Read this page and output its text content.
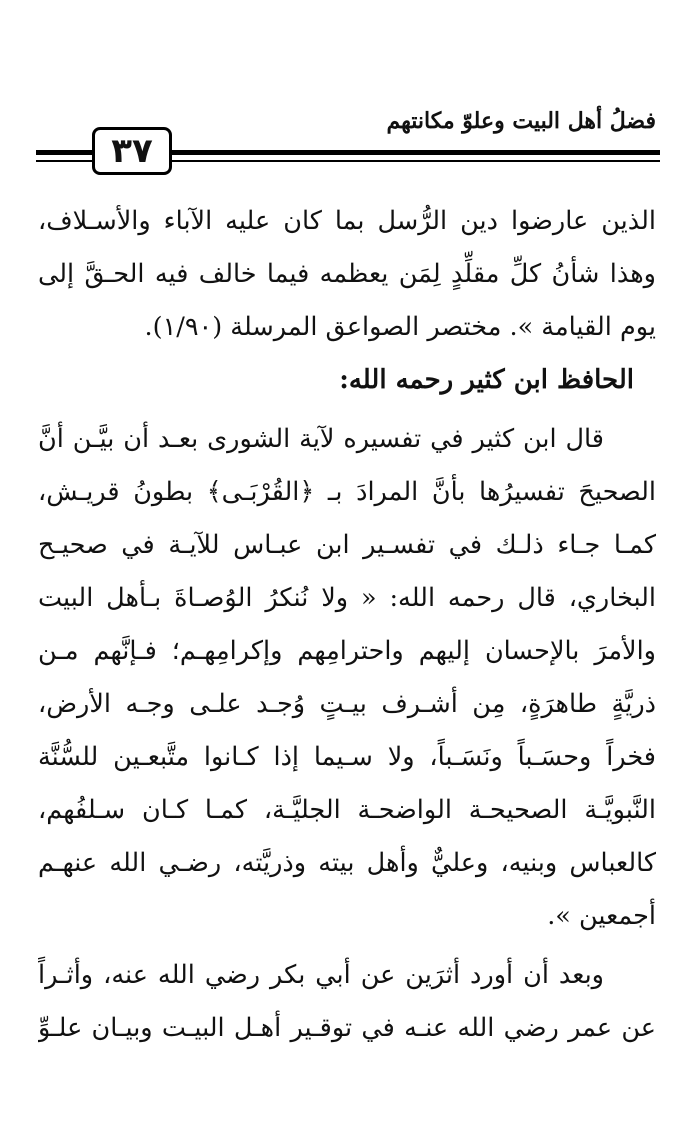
فضلُ أهل البيت وعلوّ مكانتهم
٣٧
الذين عارضوا دين الرُّسل بما كان عليه الآباء والأسـلاف،
وهذا شأنُ كلِّ مقلِّدٍ لِمَن يعظمه فيما خالف فيه الحـقَّ إلى
يوم القيامة ». مختصر الصواعق المرسلة (١/٩٠).
الحافظ ابن كثير رحمه الله:
قال ابن كثير في تفسيره لآية الشورى بعـد أن بيَّـن أنَّ
الصحيحَ تفسيرُها بأنَّ المرادَ بـ ﴿القُرْبَـى﴾ بطونُ قريـش،
كمـا جـاء ذلـك في تفسـير ابن عبـاس للآيـة في صحيـح
البخاري، قال رحمه الله: « ولا نُنكرُ الوُصـاةَ بـأهل البيت
والأمرَ بالإحسان إليهم واحترامِهم وإكرامِهـم؛ فـإنَّهم مـن
ذريَّةٍ طاهرَةٍ، مِن أشـرف بيـتٍ وُجـد علـى وجـه الأرض،
فخراً وحسَـباً ونَسَـباً، ولا سـيما إذا كـانوا متَّبعـين للسُّنَّة
النَّبويَّـة الصحيحـة الواضحـة الجليَّـة، كمـا كـان سـلفُهم،
كالعباس وبنيه، وعليٌّ وأهل بيته وذريَّته، رضـي الله عنهـم
أجمعين ».
وبعد أن أورد أثرَين عن أبي بكر رضي الله عنه، وأثـراً
عن عمر رضي الله عنـه في توقـير أهـل البيـت وبيـان علـوِّ
